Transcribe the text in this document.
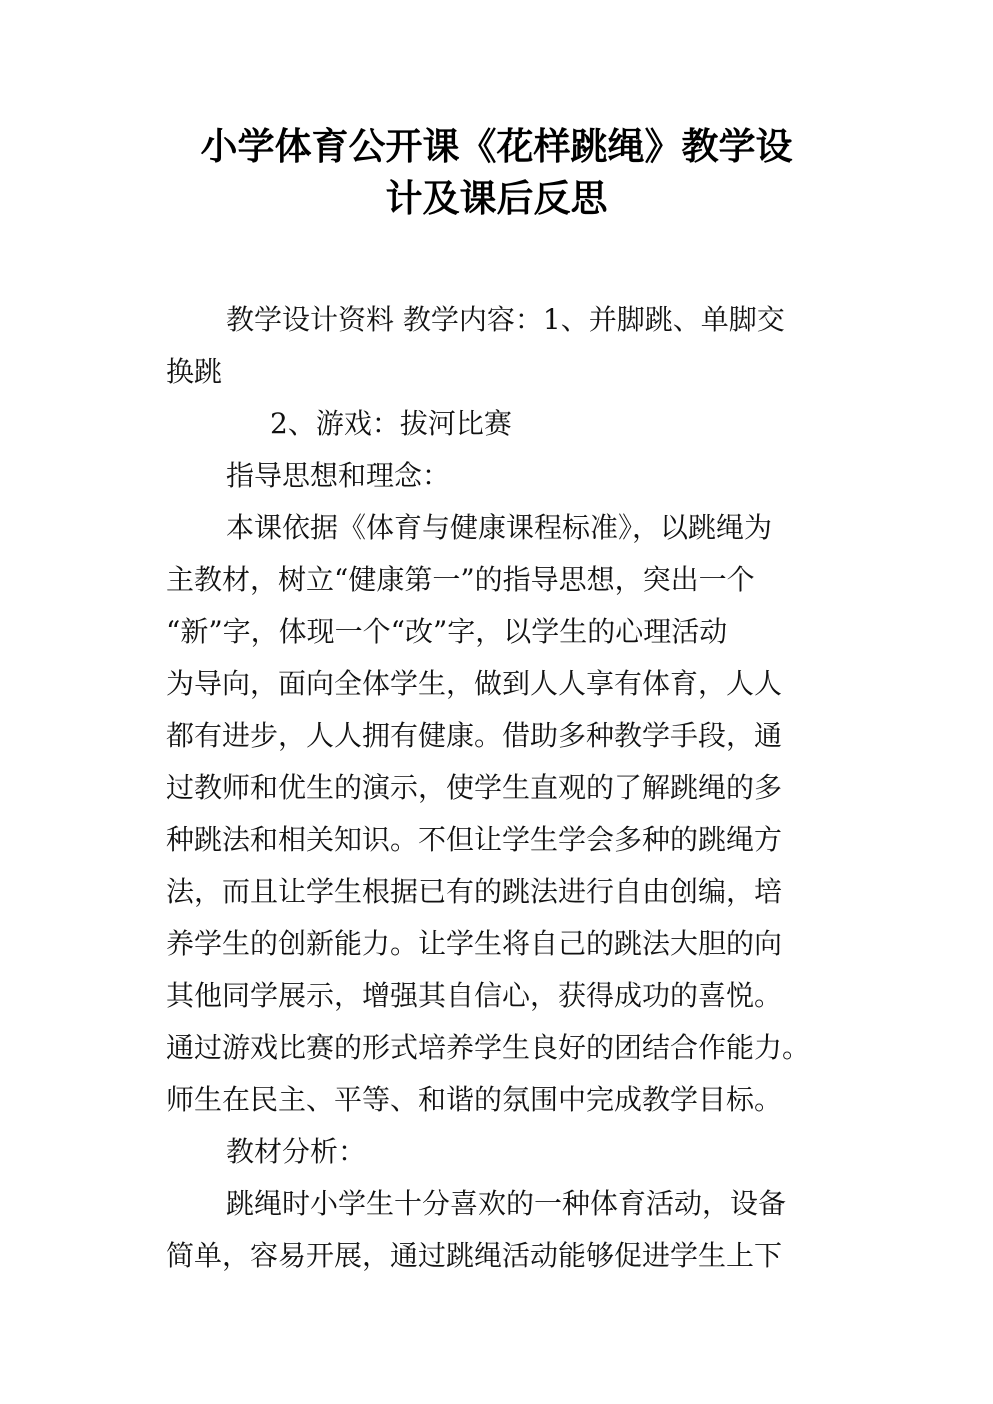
小学体育公开课《花样跳绳》教学设
计及课后反思
教学设计资料 教学内容：1、并脚跳、单脚交
换跳
2、游戏：拔河比赛
指导思想和理念：
本课依据《体育与健康课程标准》，以跳绳为
主教材，树立“健康第一”的指导思想，突出一个
“新”字，体现一个“改”字，以学生的心理活动
为导向，面向全体学生，做到人人享有体育，人人
都有进步，人人拥有健康。借助多种教学手段，通
过教师和优生的演示，使学生直观的了解跳绳的多
种跳法和相关知识。不但让学生学会多种的跳绳方
法，而且让学生根据已有的跳法进行自由创编，培
养学生的创新能力。让学生将自己的跳法大胆的向
其他同学展示，增强其自信心，获得成功的喜悦。
通过游戏比赛的形式培养学生良好的团结合作能力。
师生在民主、平等、和谐的氛围中完成教学目标。
教材分析：
跳绳时小学生十分喜欢的一种体育活动，设备
简单，容易开展，通过跳绳活动能够促进学生上下
